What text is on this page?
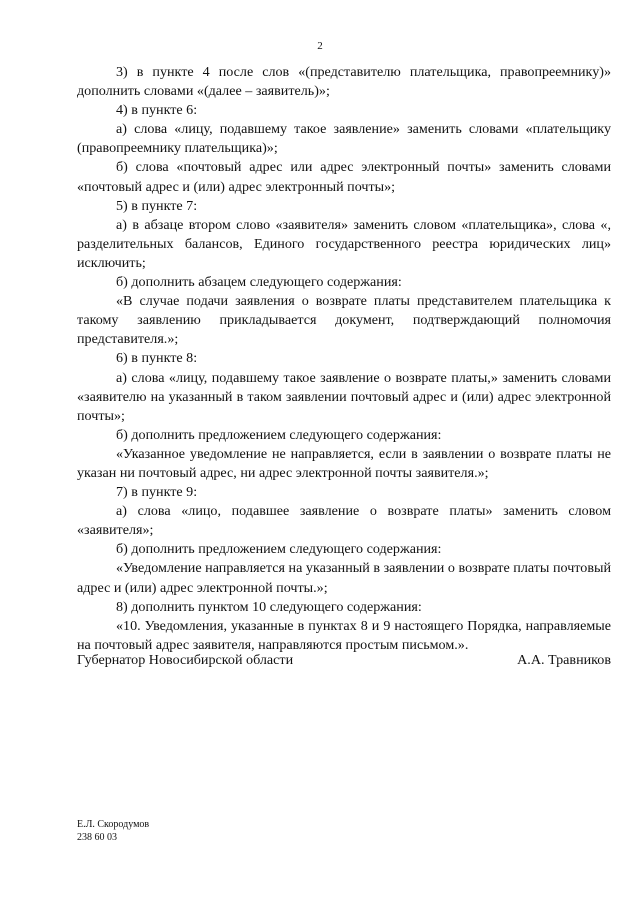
2

3) в пункте 4 после слов «(представителю плательщика, правопреемнику)» дополнить словами «(далее – заявитель)»;

4) в пункте 6:

а) слова «лицу, подавшему такое заявление» заменить словами «плательщику (правопреемнику плательщика)»;

б) слова «почтовый адрес или адрес электронный почты» заменить словами «почтовый адрес и (или) адрес электронный почты»;

5) в пункте 7:

а) в абзаце втором слово «заявителя» заменить словом «плательщика», слова «, разделительных балансов, Единого государственного реестра юридических лиц» исключить;

б) дополнить абзацем следующего содержания:

«В случае подачи заявления о возврате платы представителем плательщика к такому заявлению прикладывается документ, подтверждающий полномочия представителя.»;

6) в пункте 8:

а) слова «лицу, подавшему такое заявление о возврате платы,» заменить словами «заявителю на указанный в таком заявлении почтовый адрес и (или) адрес электронной почты»;

б) дополнить предложением следующего содержания:

«Указанное уведомление не направляется, если в заявлении о возврате платы не указан ни почтовый адрес, ни адрес электронной почты заявителя.»;

7) в пункте 9:

а) слова «лицо, подавшее заявление о возврате платы» заменить словом «заявителя»;

б) дополнить предложением следующего содержания:

«Уведомление направляется на указанный в заявлении о возврате платы почтовый адрес и (или) адрес электронной почты.»;

8) дополнить пунктом 10 следующего содержания:

«10. Уведомления, указанные в пунктах 8 и 9 настоящего Порядка, направляемые на почтовый адрес заявителя, направляются простым письмом.».

Губернатор Новосибирской области	А.А. Травников
Е.Л. Скородумов
238 60 03
